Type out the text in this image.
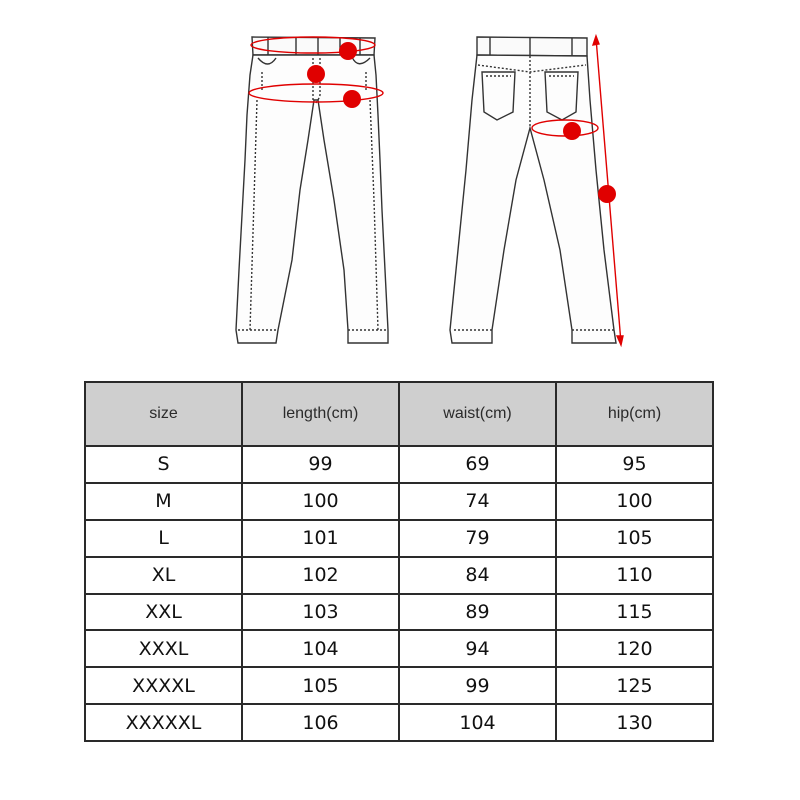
size	length(cm)	waist(cm)	hip(cm)
S	99	69	95
M	100	74	100
L	101	79	105
XL	102	84	110
XXL	103	89	115
XXXL	104	94	120
XXXXL	105	99	125
XXXXXL	106	104	130
